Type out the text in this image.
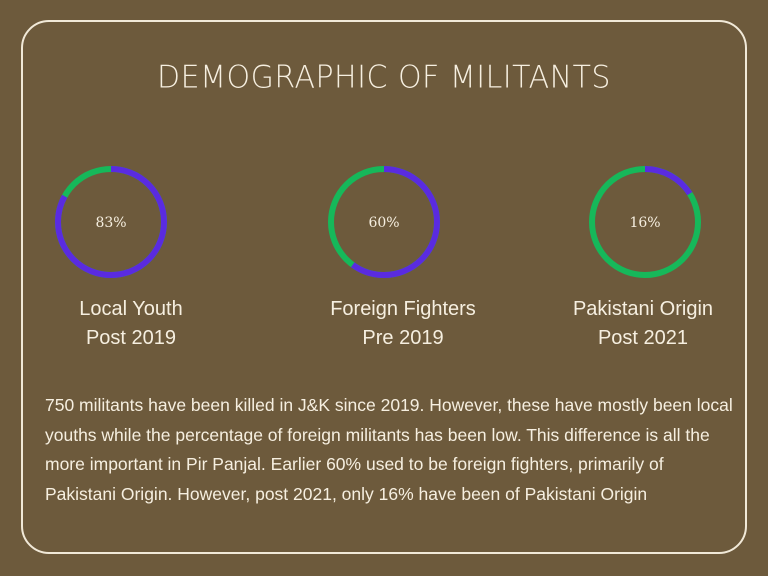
DEMOGRAPHIC OF MILITANTS
83%	60%	16%
Local Youth
Post 2019
Foreign Fighters
Pre 2019
Pakistani Origin
Post 2021
750 militants have been killed in J&K since 2019. However, these have mostly been local youths while the percentage of foreign militants has been low. This difference is all the more important in Pir Panjal. Earlier 60% used to be foreign fighters, primarily of Pakistani Origin. However, post 2021, only 16% have been of Pakistani Origin
